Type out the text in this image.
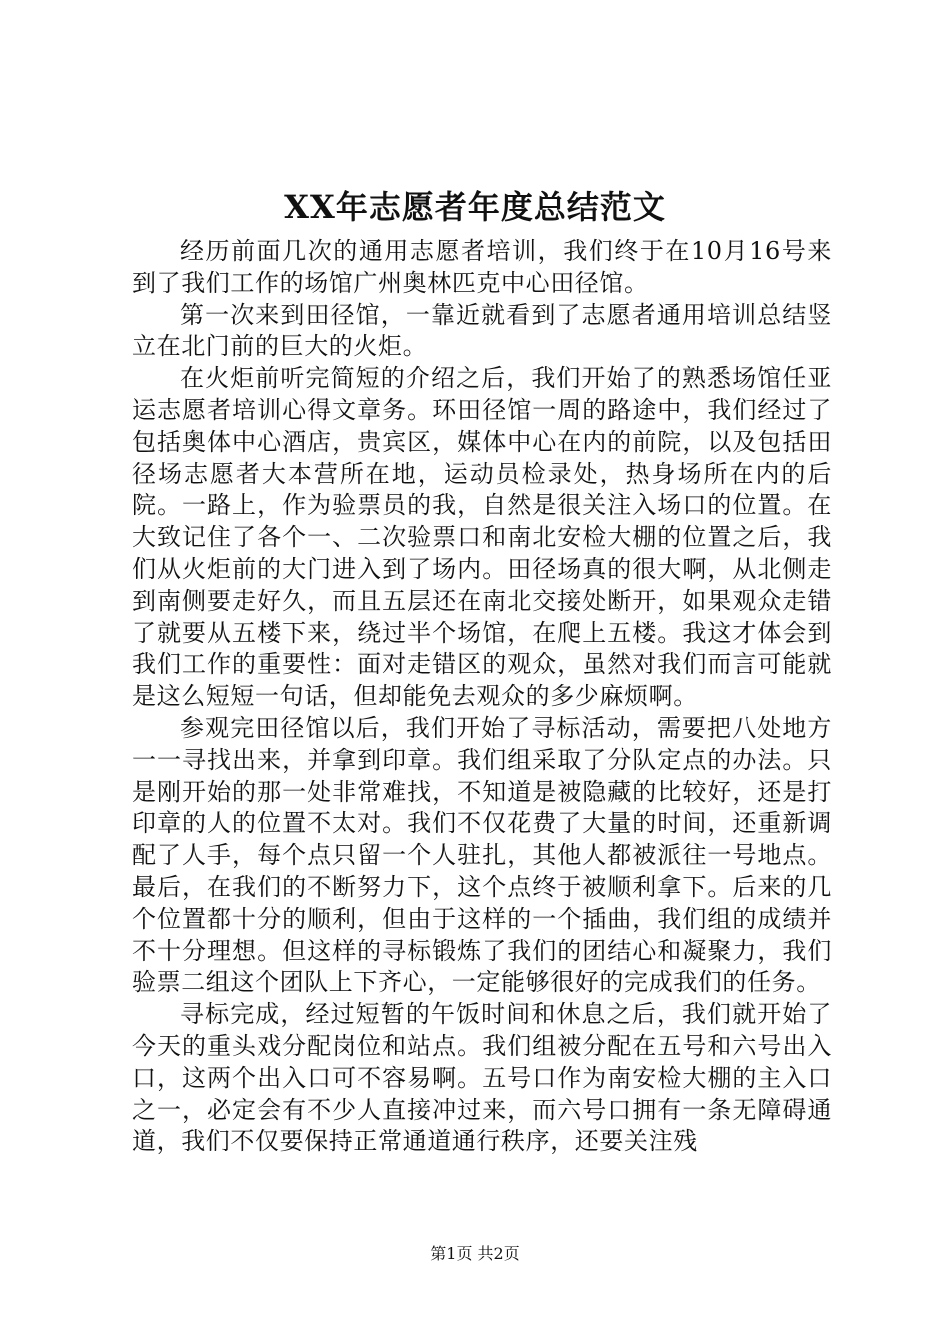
XX年志愿者年度总结范文

经历前面几次的通用志愿者培训，我们终于在10月16号来到了我们工作的场馆广州奥林匹克中心田径馆。

第一次来到田径馆，一靠近就看到了志愿者通用培训总结竖立在北门前的巨大的火炬。

在火炬前听完简短的介绍之后，我们开始了的熟悉场馆任亚运志愿者培训心得文章务。环田径馆一周的路途中，我们经过了包括奥体中心酒店，贵宾区，媒体中心在内的前院，以及包括田径场志愿者大本营所在地，运动员检录处，热身场所在内的后院。一路上，作为验票员的我，自然是很关注入场口的位置。在大致记住了各个一、二次验票口和南北安检大棚的位置之后，我们从火炬前的大门进入到了场内。田径场真的很大啊，从北侧走到南侧要走好久，而且五层还在南北交接处断开，如果观众走错了就要从五楼下来，绕过半个场馆，在爬上五楼。我这才体会到我们工作的重要性：面对走错区的观众，虽然对我们而言可能就是这么短短一句话，但却能免去观众的多少麻烦啊。

参观完田径馆以后，我们开始了寻标活动，需要把八处地方一一寻找出来，并拿到印章。我们组采取了分队定点的办法。只是刚开始的那一处非常难找，不知道是被隐藏的比较好，还是打印章的人的位置不太对。我们不仅花费了大量的时间，还重新调配了人手，每个点只留一个人驻扎，其他人都被派往一号地点。最后，在我们的不断努力下，这个点终于被顺利拿下。后来的几个位置都十分的顺利，但由于这样的一个插曲，我们组的成绩并不十分理想。但这样的寻标锻炼了我们的团结心和凝聚力，我们验票二组这个团队上下齐心，一定能够很好的完成我们的任务。

寻标完成，经过短暂的午饭时间和休息之后，我们就开始了今天的重头戏分配岗位和站点。我们组被分配在五号和六号出入口，这两个出入口可不容易啊。五号口作为南安检大棚的主入口之一，必定会有不少人直接冲过来，而六号口拥有一条无障碍通道，我们不仅要保持正常通道通行秩序，还要关注残

第1页 共2页
